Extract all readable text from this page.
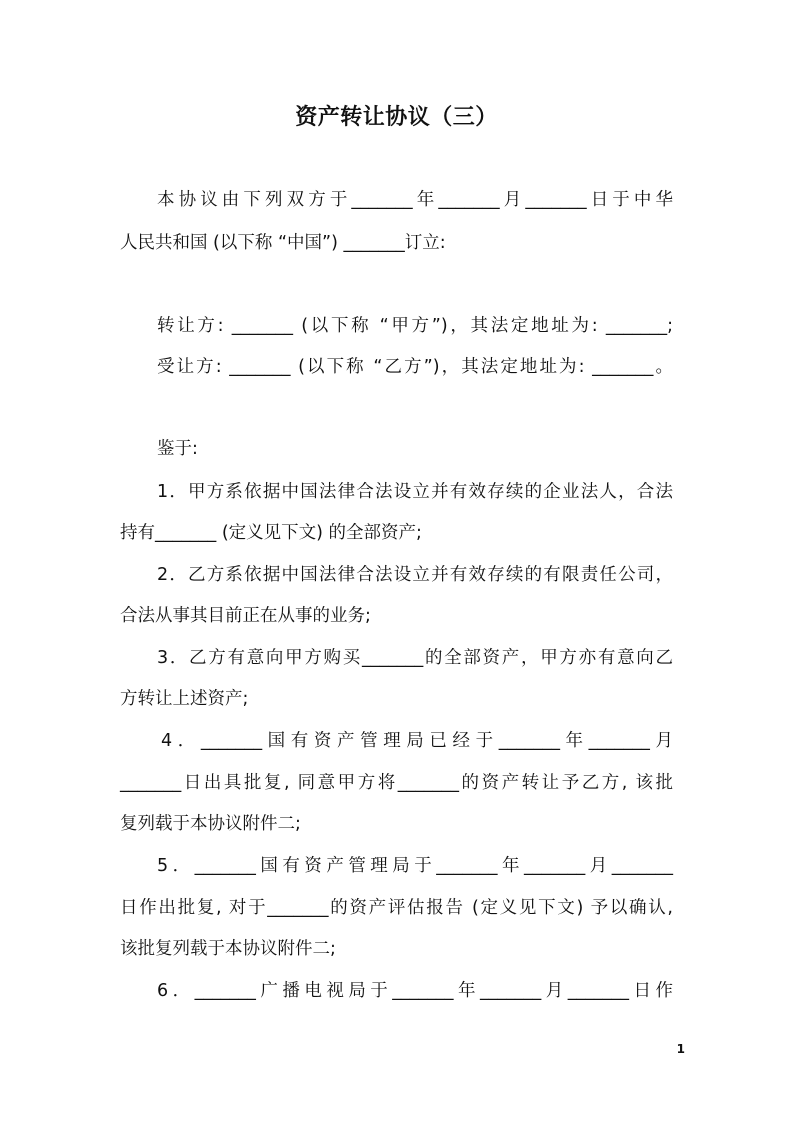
资产转让协议（三）
本协议由下列双方于_______年_______月_______日于中华
人民共和国 (以下称 “中国”) _______订立:
转让方: _______ (以下称 “甲方”)，其法定地址为: _______;
受让方: _______ (以下称 “乙方”)，其法定地址为: _______。
鉴于:
1．甲方系依据中国法律合法设立并有效存续的企业法人，合法
持有_______ (定义见下文) 的全部资产;
2．乙方系依据中国法律合法设立并有效存续的有限责任公司，
合法从事其目前正在从事的业务;
3．乙方有意向甲方购买_______的全部资产，甲方亦有意向乙
方转让上述资产;
4．_______国有资产管理局已经于_______年_______月
_______日出具批复, 同意甲方将_______的资产转让予乙方, 该批
复列载于本协议附件二;
5．_______国有资产管理局于_______年_______月_______
日作出批复, 对于_______的资产评估报告 (定义见下文) 予以确认,
该批复列载于本协议附件二;
6．_______广播电视局于_______年_______月_______日作
1
